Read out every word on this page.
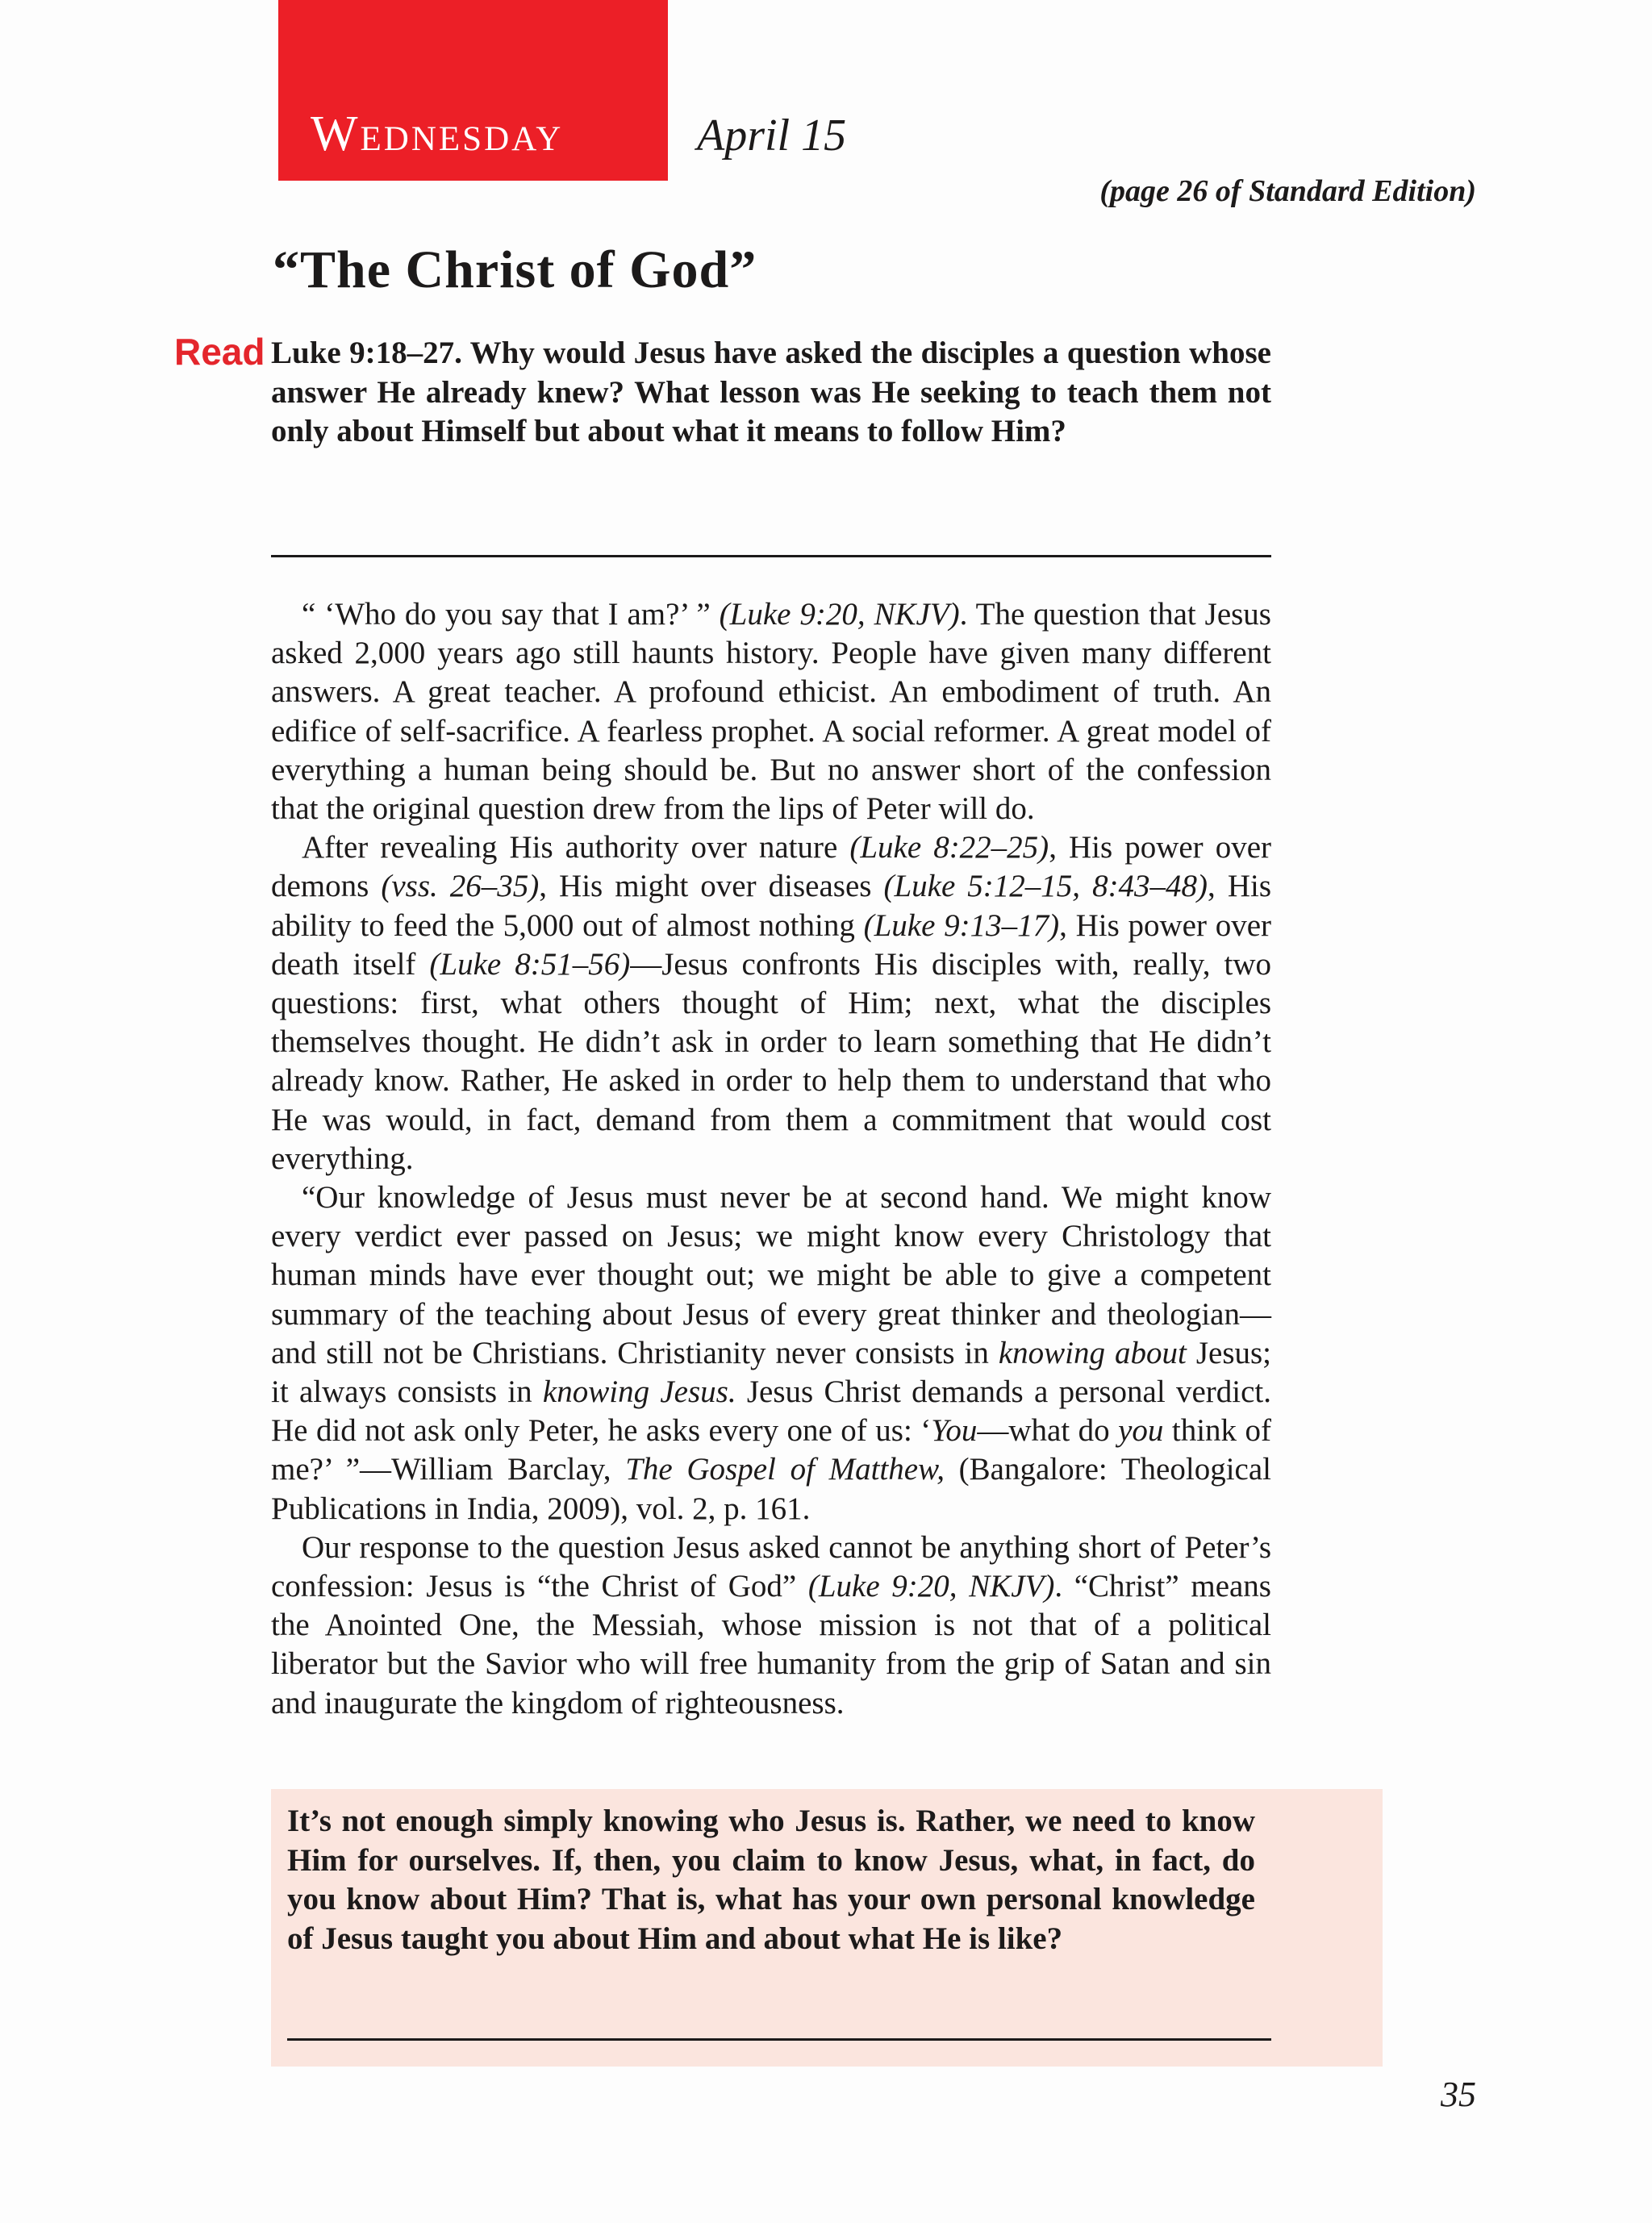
Wednesday	April 15
(page 26 of Standard Edition)
“The Christ of God”
Read Luke 9:18–27. Why would Jesus have asked the disciples a question whose answer He already knew? What lesson was He seeking to teach them not only about Himself but about what it means to follow Him?

“ ‘Who do you say that I am?’ ” (Luke 9:20, NKJV). The question that Jesus asked 2,000 years ago still haunts history. People have given many different answers. A great teacher. A profound ethicist. An embodiment of truth. An edifice of self-sacrifice. A fearless prophet. A social reformer. A great model of everything a human being should be. But no answer short of the confession that the original question drew from the lips of Peter will do.

After revealing His authority over nature (Luke 8:22–25), His power over demons (vss. 26–35), His might over diseases (Luke 5:12–15, 8:43–48), His ability to feed the 5,000 out of almost nothing (Luke 9:13–17), His power over death itself (Luke 8:51–56)—Jesus confronts His disciples with, really, two questions: first, what others thought of Him; next, what the disciples themselves thought. He didn’t ask in order to learn something that He didn’t already know. Rather, He asked in order to help them to understand that who He was would, in fact, demand from them a commitment that would cost everything.

“Our knowledge of Jesus must never be at second hand. We might know every verdict ever passed on Jesus; we might know every Christology that human minds have ever thought out; we might be able to give a competent summary of the teaching about Jesus of every great thinker and theologian—and still not be Christians. Christianity never consists in knowing about Jesus; it always consists in knowing Jesus. Jesus Christ demands a personal verdict. He did not ask only Peter, he asks every one of us: ‘You—what do you think of me?’ ”—William Barclay, The Gospel of Matthew, (Bangalore: Theological Publications in India, 2009), vol. 2, p. 161.

Our response to the question Jesus asked cannot be anything short of Peter’s confession: Jesus is “the Christ of God” (Luke 9:20, NKJV). “Christ” means the Anointed One, the Messiah, whose mission is not that of a political liberator but the Savior who will free humanity from the grip of Satan and sin and inaugurate the kingdom of righteousness.

It’s not enough simply knowing who Jesus is. Rather, we need to know Him for ourselves. If, then, you claim to know Jesus, what, in fact, do you know about Him? That is, what has your own personal knowledge of Jesus taught you about Him and about what He is like?
35
